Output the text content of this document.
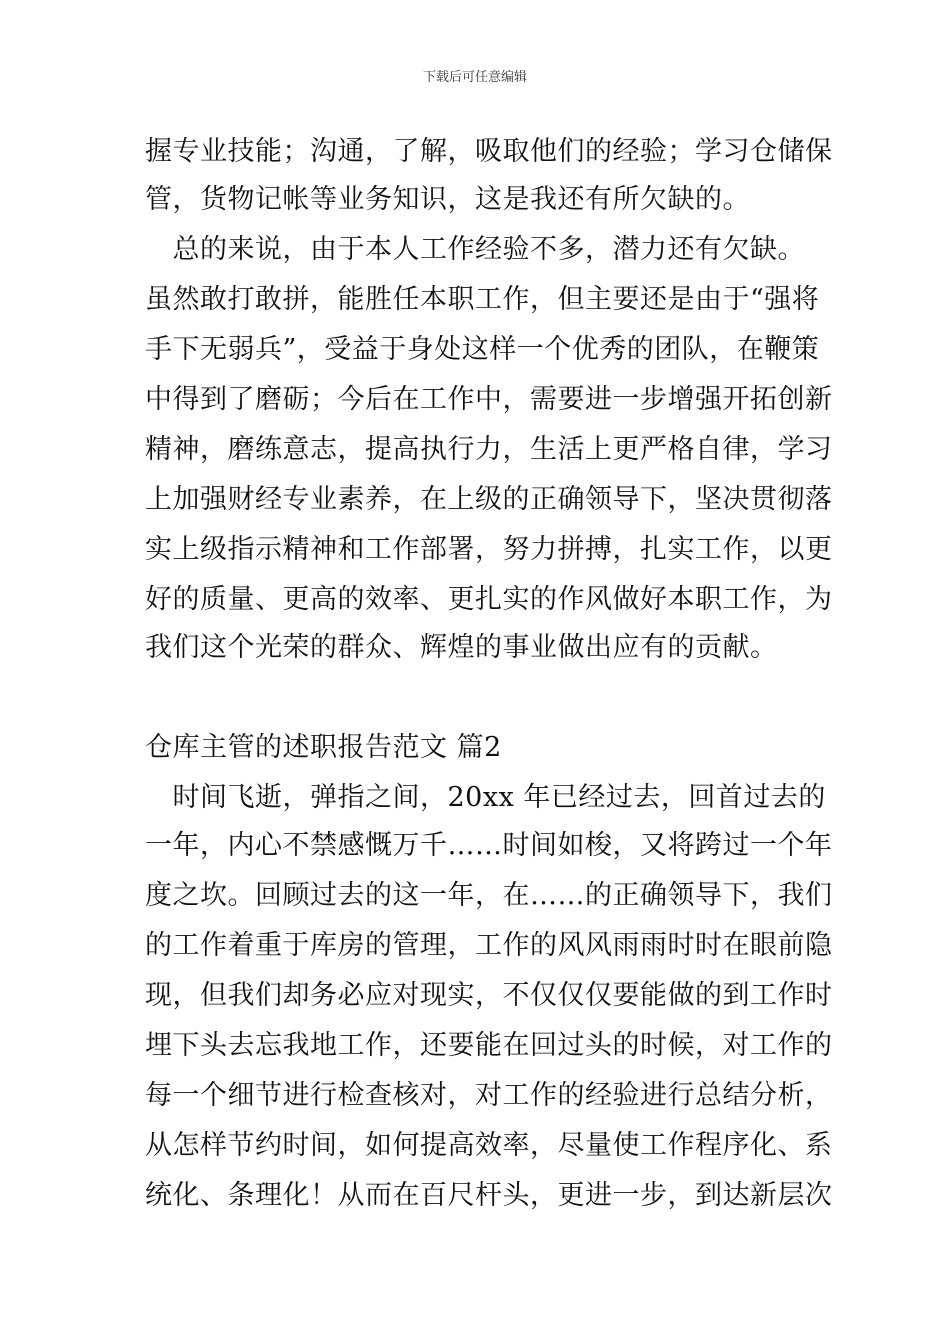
下载后可任意编辑
握专业技能；沟通，了解，吸取他们的经验；学习仓储保
管，货物记帐等业务知识，这是我还有所欠缺的。
　总的来说，由于本人工作经验不多，潜力还有欠缺。
虽然敢打敢拼，能胜任本职工作，但主要还是由于“强将
手下无弱兵”，受益于身处这样一个优秀的团队，在鞭策
中得到了磨砺；今后在工作中，需要进一步增强开拓创新
精神，磨练意志，提高执行力，生活上更严格自律，学习
上加强财经专业素养，在上级的正确领导下，坚决贯彻落
实上级指示精神和工作部署，努力拼搏，扎实工作，以更
好的质量、更高的效率、更扎实的作风做好本职工作，为
我们这个光荣的群众、辉煌的事业做出应有的贡献。
仓库主管的述职报告范文 篇2
　时间飞逝，弹指之间，20xx 年已经过去，回首过去的
一年，内心不禁感慨万千……时间如梭，又将跨过一个年
度之坎。回顾过去的这一年，在……的正确领导下，我们
的工作着重于库房的管理，工作的风风雨雨时时在眼前隐
现，但我们却务必应对现实，不仅仅仅要能做的到工作时
埋下头去忘我地工作，还要能在回过头的时候，对工作的
每一个细节进行检查核对，对工作的经验进行总结分析，
从怎样节约时间，如何提高效率，尽量使工作程序化、系
统化、条理化！从而在百尺杆头，更进一步，到达新层次
